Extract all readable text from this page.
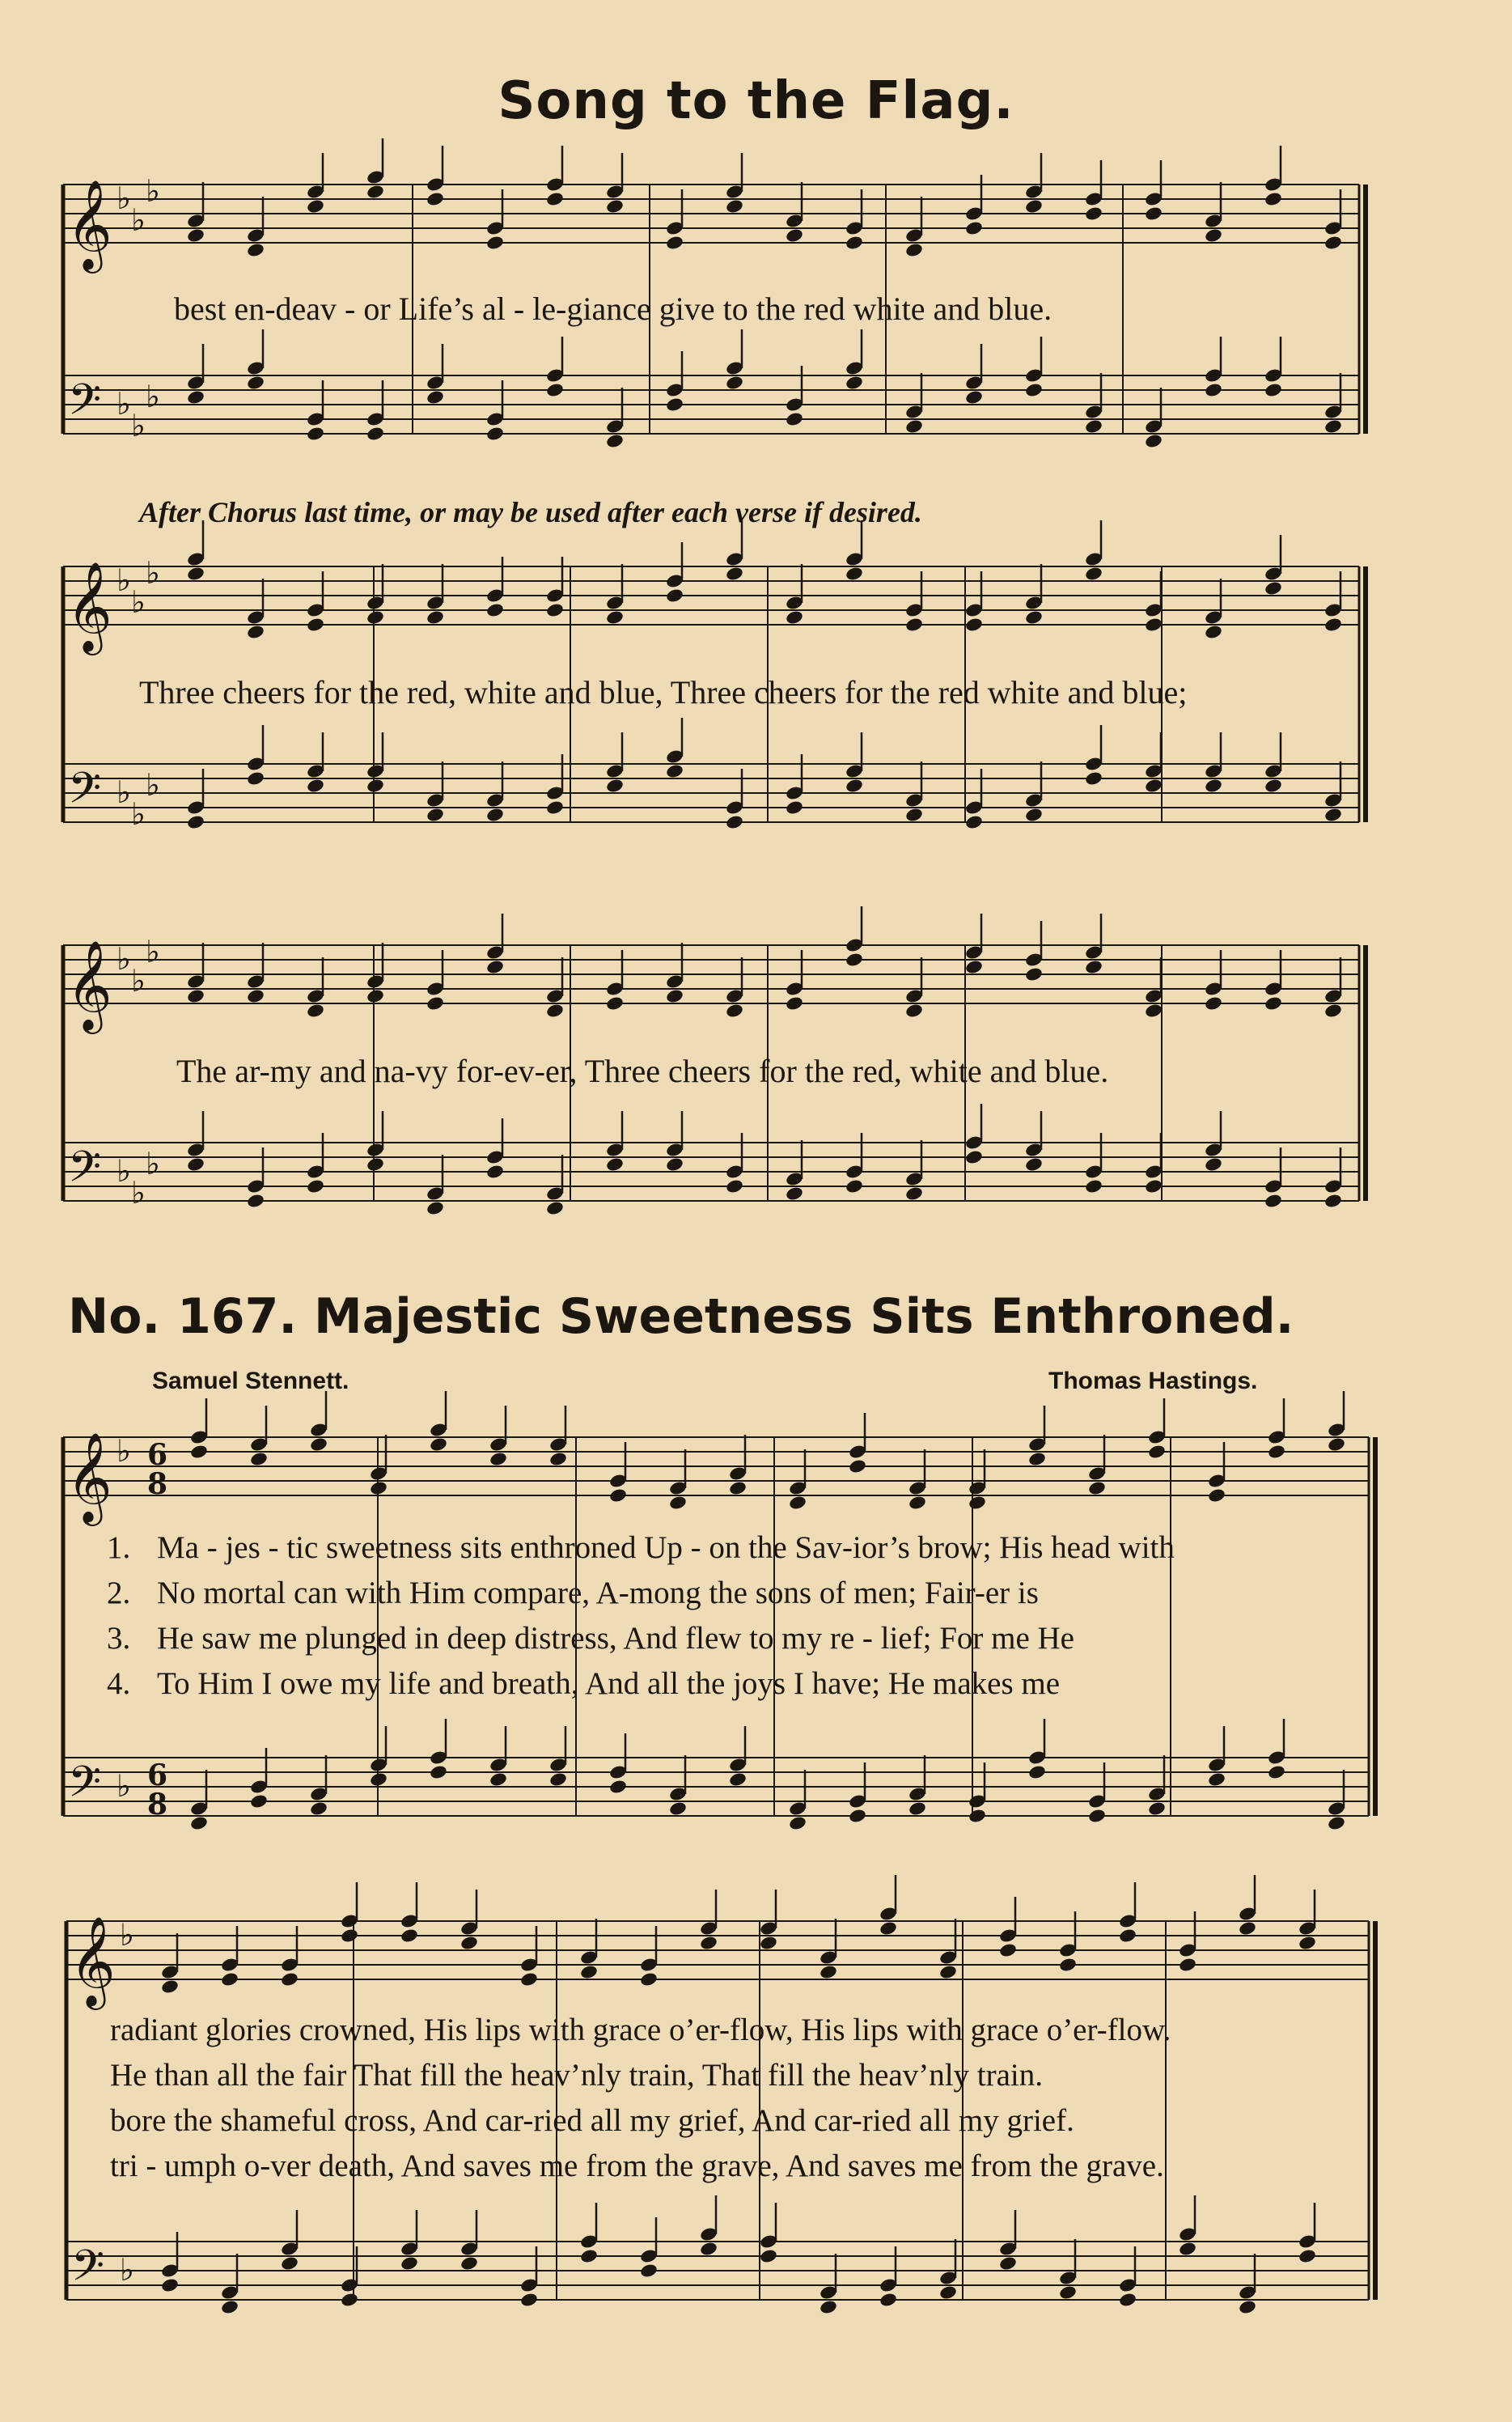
Song to the Flag.
best en-deav - or Life’s al - le-giance give to the red white and blue.
After Chorus last time, or may be used after each verse if desired.
Three cheers for the red, white and blue, Three cheers for the red white and blue;
The ar-my and na-vy for-ev-er, Three cheers for the red, white and blue.
No. 167. Majestic Sweetness Sits Enthroned.
Samuel Stennett.	Thomas Hastings.
1. Ma - jes - tic sweetness sits enthroned Up - on the Sav-ior’s brow; His head with
2. No mortal can with Him compare, A-mong the sons of men; Fair-er is
3. He saw me plunged in deep distress, And flew to my re - lief; For me He
4. To Him I owe my life and breath, And all the joys I have; He makes me
radiant glories crowned, His lips with grace o’er-flow, His lips with grace o’er-flow.
He than all the fair That fill the heav’nly train, That fill the heav’nly train.
bore the shameful cross, And car-ried all my grief, And car-ried all my grief.
tri - umph o-ver death, And saves me from the grave, And saves me from the grave.
𝄞
𝄢
♭
♭
♭
♭
♭
♭
𝄞
𝄢
♭
♭
♭
♭
♭
♭
𝄞
𝄢
♭
♭
♭
♭
♭
♭
𝄞
𝄢
♭
♭
6
8
6
8
𝄞
𝄢
♭
♭
